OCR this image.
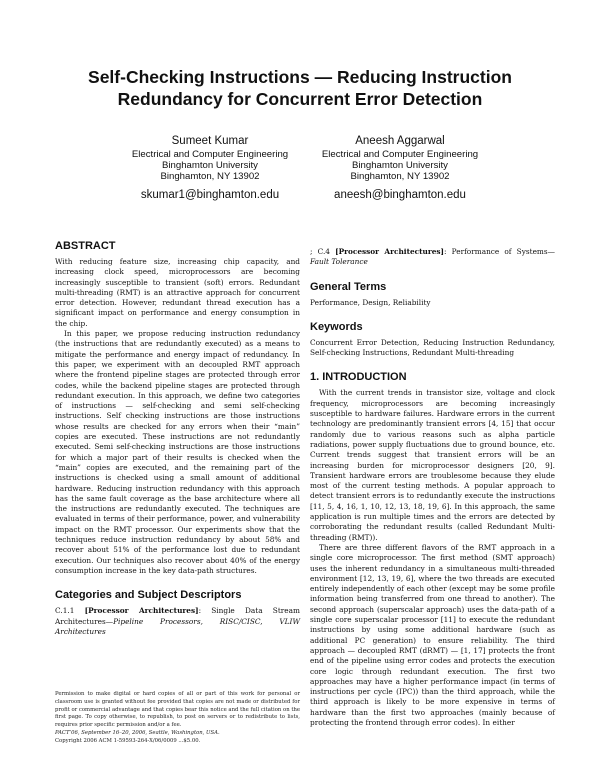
Self-Checking Instructions — Reducing Instruction
Redundancy for Concurrent Error Detection
Sumeet Kumar
Electrical and Computer Engineering
Binghamton University
Binghamton, NY 13902
skumar1@binghamton.edu
Aneesh Aggarwal
Electrical and Computer Engineering
Binghamton University
Binghamton, NY 13902
aneesh@binghamton.edu
ABSTRACT

With reducing feature size, increasing chip capacity, and increasing clock speed, microprocessors are becoming increasingly susceptible to transient (soft) errors. Redundant multi-threading (RMT) is an attractive approach for concurrent error detection. However, redundant thread execution has a significant impact on performance and energy consumption in the chip.

In this paper, we propose reducing instruction redundancy (the instructions that are redundantly executed) as a means to mitigate the performance and energy impact of redundancy. In this paper, we experiment with an decoupled RMT approach where the frontend pipeline stages are protected through error codes, while the backend pipeline stages are protected through redundant execution. In this approach, we define two categories of instructions — self-checking and semi self-checking instructions. Self checking instructions are those instructions whose results are checked for any errors when their “main” copies are executed. These instructions are not redundantly executed. Semi self-checking instructions are those instructions for which a major part of their results is checked when the “main” copies are executed, and the remaining part of the instructions is checked using a small amount of additional hardware. Reducing instruction redundancy with this approach has the same fault coverage as the base architecture where all the instructions are redundantly executed. The techniques are evaluated in terms of their performance, power, and vulnerability impact on the RMT processor. Our experiments show that the techniques reduce instruction redundancy by about 58% and recover about 51% of the performance lost due to redundant execution. Our techniques also recover about 40% of the energy consumption increase in the key data-path structures.

Categories and Subject Descriptors

C.1.1 [Processor Architectures]: Single Data Stream Architectures—Pipeline Processors, RISC/CISC, VLIW Architectures

Permission to make digital or hard copies of all or part of this work for personal or classroom use is granted without fee provided that copies are not made or distributed for profit or commercial advantage and that copies bear this notice and the full citation on the first page. To copy otherwise, to republish, to post on servers or to redistribute to lists, requires prior specific permission and/or a fee.

PACT’06, September 16–20, 2006, Seattle, Washington, USA.

Copyright 2006 ACM 1-59593-264-X/06/0009 ...$5.00.

; C.4 [Processor Architectures]: Performance of Systems—Fault Tolerance

General Terms

Performance, Design, Reliability

Keywords

Concurrent Error Detection, Reducing Instruction Redundancy, Self-checking Instructions, Redundant Multi-threading

1. INTRODUCTION

With the current trends in transistor size, voltage and clock frequency, microprocessors are becoming increasingly susceptible to hardware failures. Hardware errors in the current technology are predominantly transient errors [4, 15] that occur randomly due to various reasons such as alpha particle radiations, power supply fluctuations due to ground bounce, etc. Current trends suggest that transient errors will be an increasing burden for microprocessor designers [20, 9]. Transient hardware errors are troublesome because they elude most of the current testing methods. A popular approach to detect transient errors is to redundantly execute the instructions [11, 5, 4, 16, 1, 10, 12, 13, 18, 19, 6]. In this approach, the same application is run multiple times and the errors are detected by corroborating the redundant results (called Redundant Multi-threading (RMT)).

There are three different flavors of the RMT approach in a single core microprocessor. The first method (SMT approach) uses the inherent redundancy in a simultaneous multi-threaded environment [12, 13, 19, 6], where the two threads are executed entirely independently of each other (except may be some profile information being transferred from one thread to another). The second approach (superscalar approach) uses the data-path of a single core superscalar processor [11] to execute the redundant instructions by using some additional hardware (such as additional PC generation) to ensure reliability. The third approach — decoupled RMT (dRMT) — [1, 17] protects the front end of the pipeline using error codes and protects the execution core logic through redundant execution. The first two approaches may have a higher performance impact (in terms of instructions per cycle (IPC)) than the third approach, while the third approach is likely to be more expensive in terms of hardware than the first two approaches (mainly because of protecting the frontend through error codes). In either
